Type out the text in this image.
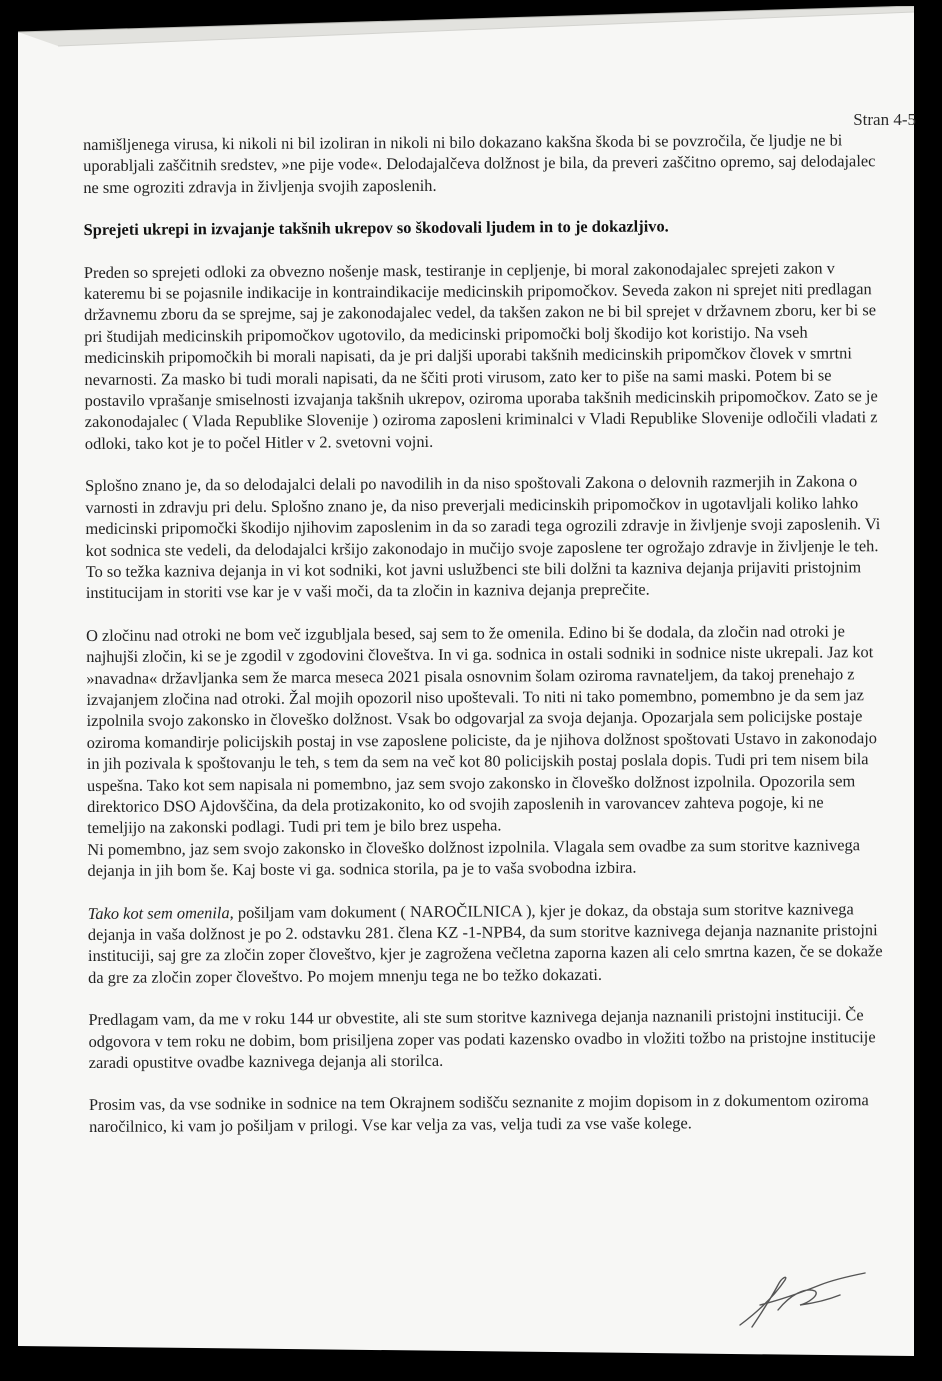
Stran 4-5

namišljenega virusa, ki nikoli ni bil izoliran in nikoli ni bilo dokazano kakšna škoda bi se povzročila, če ljudje ne bi uporabljali zaščitnih sredstev, »ne pije vode«. Delodajalčeva dolžnost je bila, da preveri zaščitno opremo, saj delodajalec ne sme ogroziti zdravja in življenja svojih zaposlenih.

Sprejeti ukrepi in izvajanje takšnih ukrepov so škodovali ljudem in to je dokazljivo.

Preden so sprejeti odloki za obvezno nošenje mask, testiranje in cepljenje, bi moral zakonodajalec sprejeti zakon v kateremu bi se pojasnile indikacije in kontraindikacije medicinskih pripomočkov. Seveda zakon ni sprejet niti predlagan državnemu zboru da se sprejme, saj je zakonodajalec vedel, da takšen zakon ne bi bil sprejet v državnem zboru, ker bi se pri študijah medicinskih pripomočkov ugotovilo, da medicinski pripomočki bolj škodijo kot koristijo. Na vseh medicinskih pripomočkih bi morali napisati, da je pri daljši uporabi takšnih medicinskih pripomčkov človek v smrtni nevarnosti. Za masko bi tudi morali napisati, da ne ščiti proti virusom, zato ker to piše na sami maski. Potem bi se postavilo vprašanje smiselnosti izvajanja takšnih ukrepov, oziroma uporaba takšnih medicinskih pripomočkov. Zato se je zakonodajalec ( Vlada Republike Slovenije ) oziroma zaposleni kriminalci v Vladi Republike Slovenije odločili vladati z odloki, tako kot je to počel Hitler v 2. svetovni vojni.

Splošno znano je, da so delodajalci delali po navodilih in da niso spoštovali Zakona o delovnih razmerjih in Zakona o varnosti in zdravju pri delu. Splošno znano je, da niso preverjali medicinskih pripomočkov in ugotavljali koliko lahko medicinski pripomočki škodijo njihovim zaposlenim in da so zaradi tega ogrozili zdravje in življenje svoji zaposlenih. Vi kot sodnica ste vedeli, da delodajalci kršijo zakonodajo in mučijo svoje zaposlene ter ogrožajo zdravje in življenje le teh. To so težka kazniva dejanja in vi kot sodniki, kot javni uslužbenci ste bili dolžni ta kazniva dejanja prijaviti pristojnim institucijam in storiti vse kar je v vaši moči, da ta zločin in kazniva dejanja preprečite.

O zločinu nad otroki ne bom več izgubljala besed, saj sem to že omenila. Edino bi še dodala, da zločin nad otroki je najhujši zločin, ki se je zgodil v zgodovini človeštva. In vi ga. sodnica in ostali sodniki in sodnice niste ukrepali. Jaz kot »navadna« državljanka sem že marca meseca 2021 pisala osnovnim šolam oziroma ravnateljem, da takoj prenehajo z izvajanjem zločina nad otroki. Žal mojih opozoril niso upoštevali. To niti ni tako pomembno, pomembno je da sem jaz izpolnila svojo zakonsko in človeško dolžnost. Vsak bo odgovarjal za svoja dejanja. Opozarjala sem policijske postaje oziroma komandirje policijskih postaj in vse zaposlene policiste, da je njihova dolžnost spoštovati Ustavo in zakonodajo in jih pozivala k spoštovanju le teh, s tem da sem na več kot 80 policijskih postaj poslala dopis. Tudi pri tem nisem bila uspešna. Tako kot sem napisala ni pomembno, jaz sem svojo zakonsko in človeško dolžnost izpolnila. Opozorila sem direktorico DSO Ajdovščina, da dela protizakonito, ko od svojih zaposlenih in varovancev zahteva pogoje, ki ne temeljijo na zakonski podlagi. Tudi pri tem je bilo brez uspeha.

Ni pomembno, jaz sem svojo zakonsko in človeško dolžnost izpolnila. Vlagala sem ovadbe za sum storitve kaznivega dejanja in jih bom še. Kaj boste vi ga. sodnica storila, pa je to vaša svobodna izbira.

Tako kot sem omenila, pošiljam vam dokument ( NAROČILNICA ), kjer je dokaz, da obstaja sum storitve kaznivega dejanja in vaša dolžnost je po 2. odstavku 281. člena KZ -1-NPB4, da sum storitve kaznivega dejanja naznanite pristojni instituciji, saj gre za zločin zoper človeštvo, kjer je zagrožena večletna zaporna kazen ali celo smrtna kazen, če se dokaže da gre za zločin zoper človeštvo. Po mojem mnenju tega ne bo težko dokazati.

Predlagam vam, da me v roku 144 ur obvestite, ali ste sum storitve kaznivega dejanja naznanili pristojni instituciji. Če odgovora v tem roku ne dobim, bom prisiljena zoper vas podati kazensko ovadbo in vložiti tožbo na pristojne institucije zaradi opustitve ovadbe kaznivega dejanja ali storilca.

Prosim vas, da vse sodnike in sodnice na tem Okrajnem sodišču seznanite z mojim dopisom in z dokumentom oziroma naročilnico, ki vam jo pošiljam v prilogi. Vse kar velja za vas, velja tudi za vse vaše kolege.
